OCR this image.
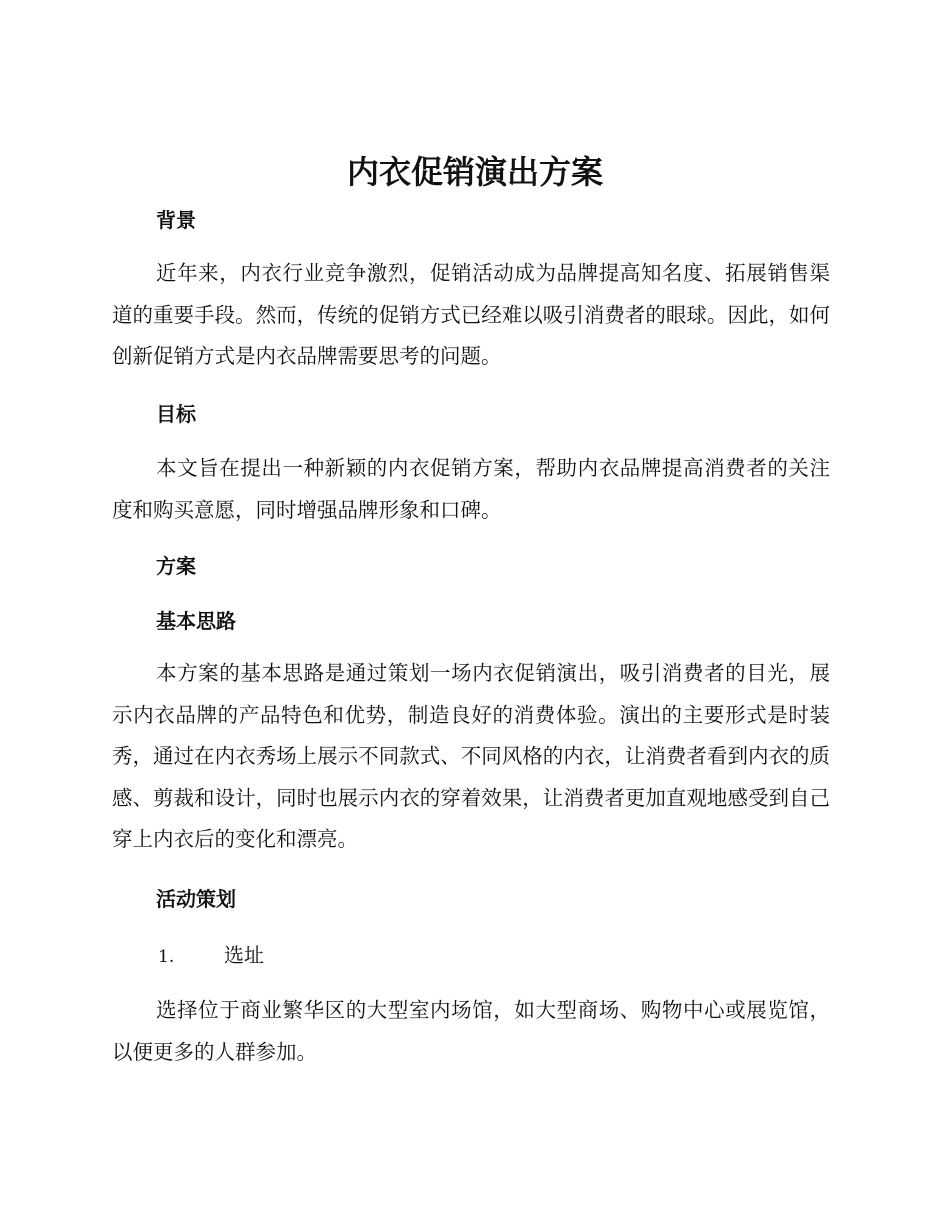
内衣促销演出方案
背景

近年来，内衣行业竞争激烈，促销活动成为品牌提高知名度、拓展销售渠道的重要手段。然而，传统的促销方式已经难以吸引消费者的眼球。因此，如何创新促销方式是内衣品牌需要思考的问题。

目标

本文旨在提出一种新颖的内衣促销方案，帮助内衣品牌提高消费者的关注度和购买意愿，同时增强品牌形象和口碑。

方案
基本思路

本方案的基本思路是通过策划一场内衣促销演出，吸引消费者的目光，展示内衣品牌的产品特色和优势，制造良好的消费体验。演出的主要形式是时装秀，通过在内衣秀场上展示不同款式、不同风格的内衣，让消费者看到内衣的质感、剪裁和设计，同时也展示内衣的穿着效果，让消费者更加直观地感受到自己穿上内衣后的变化和漂亮。

活动策划
1. 选址

选择位于商业繁华区的大型室内场馆，如大型商场、购物中心或展览馆，以便更多的人群参加。
